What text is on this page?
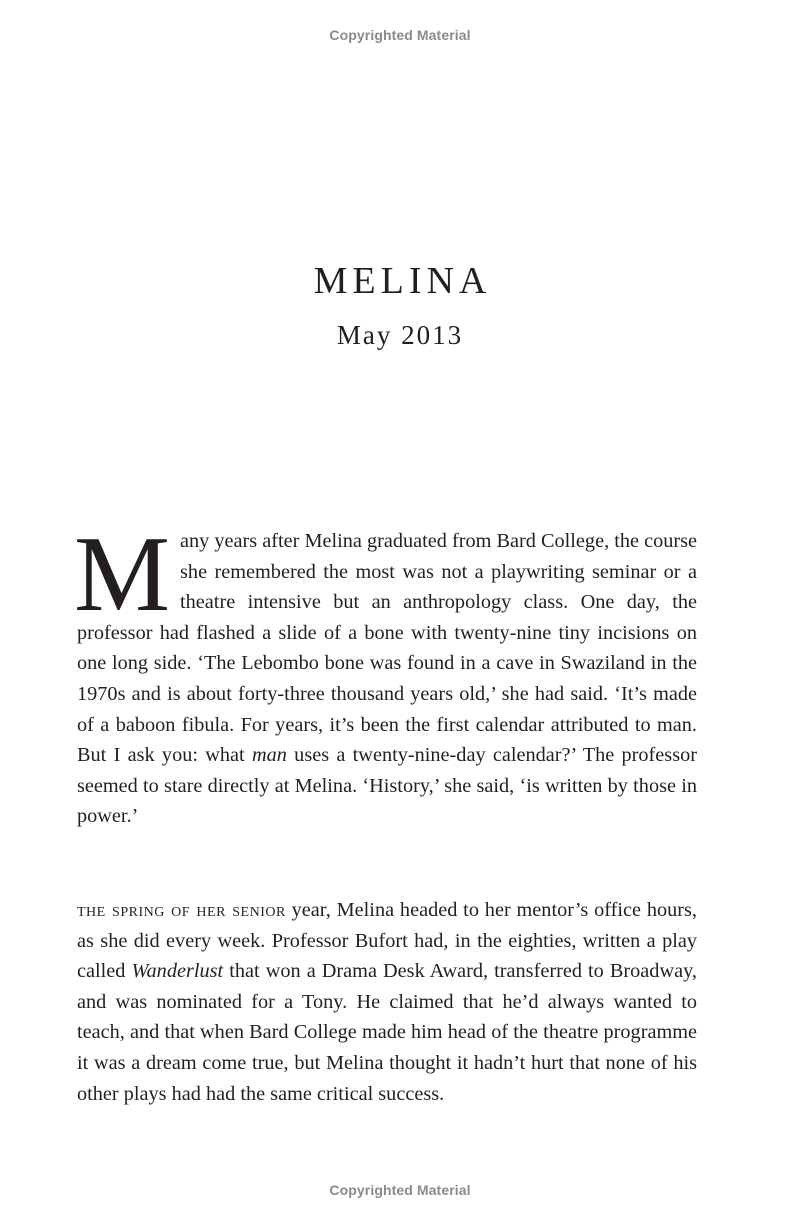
Copyrighted Material
MELINA
May 2013

Many years after Melina graduated from Bard College, the course she remembered the most was not a playwriting seminar or a theatre intensive but an anthropology class. One day, the professor had flashed a slide of a bone with twenty-nine tiny incisions on one long side. ‘The Lebombo bone was found in a cave in Swaziland in the 1970s and is about forty-three thousand years old,’ she had said. ‘It’s made of a baboon fibula. For years, it’s been the first calendar attributed to man. But I ask you: what man uses a twenty-nine-day calendar?’ The professor seemed to stare directly at Melina. ‘History,’ she said, ‘is written by those in power.’

the spring of her senior year, Melina headed to her mentor’s office hours, as she did every week. Professor Bufort had, in the eighties, written a play called Wanderlust that won a Drama Desk Award, transferred to Broadway, and was nominated for a Tony. He claimed that he’d always wanted to teach, and that when Bard College made him head of the theatre programme it was a dream come true, but Melina thought it hadn’t hurt that none of his other plays had had the same critical success.

Copyrighted Material
